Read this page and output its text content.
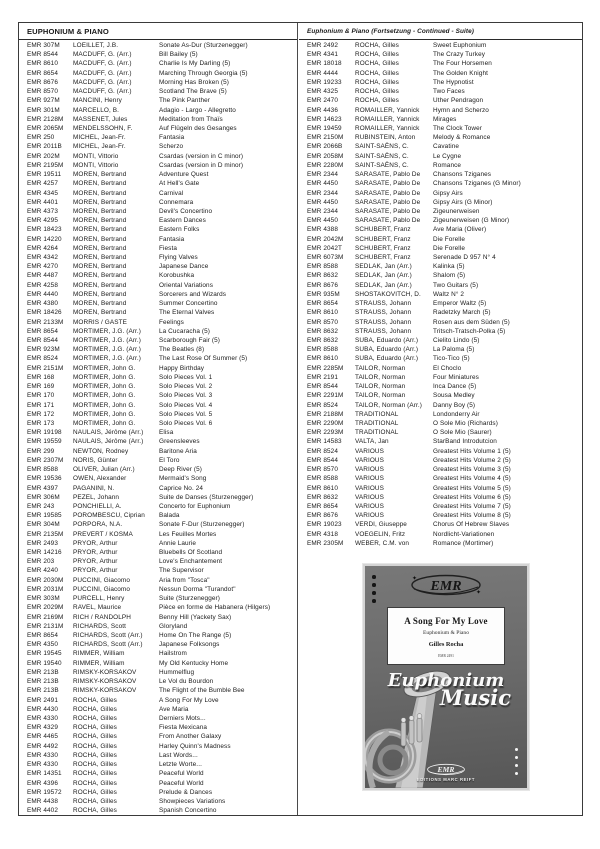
EUPHONIUM & PIANO
EMR 307M	LOEILLET, J.B.	Sonate As-Dur (Sturzenegger)
EMR 8544	MACDUFF, G. (Arr.)	Bill Bailey (5)
EMR 8610	MACDUFF, G. (Arr.)	Charlie Is My Darling (5)
EMR 8654	MACDUFF, G. (Arr.)	Marching Through Georgia (5)
EMR 8676	MACDUFF, G. (Arr.)	Morning Has Broken (5)
EMR 8570	MACDUFF, G. (Arr.)	Scotland The Brave (5)
EMR 927M	MANCINI, Henry	The Pink Panther
EMR 301M	MARCELLO, B.	Adagio - Largo - Allegretto
EMR 2128M	MASSENET, Jules	Meditation from Thaïs
EMR 2065M	MENDELSSOHN, F.	Auf Flügeln des Gesanges
EMR 250	MICHEL, Jean-Fr.	Fantasia
EMR 2011B	MICHEL, Jean-Fr.	Scherzo
EMR 202M	MONTI, Vittorio	Csardas (version in C minor)
EMR 2195M	MONTI, Vittorio	Csardas (version in D minor)
EMR 19511	MOREN, Bertrand	Adventure Quest
EMR 4257	MOREN, Bertrand	At Hell's Gate
EMR 4345	MOREN, Bertrand	Carnival
EMR 4401	MOREN, Bertrand	Connemara
EMR 4373	MOREN, Bertrand	Devil's Concertino
EMR 4295	MOREN, Bertrand	Eastern Dances
EMR 18423	MOREN, Bertrand	Eastern Folks
EMR 14220	MOREN, Bertrand	Fantasia
EMR 4264	MOREN, Bertrand	Fiesta
EMR 4342	MOREN, Bertrand	Flying Valves
EMR 4270	MOREN, Bertrand	Japanese Dance
EMR 4487	MOREN, Bertrand	Korobushka
EMR 4258	MOREN, Bertrand	Oriental Variations
EMR 4440	MOREN, Bertrand	Sorcerers and Wizards
EMR 4380	MOREN, Bertrand	Summer Concertino
EMR 18426	MOREN, Bertrand	The Eternal Valves
EMR 2133M	MORRIS / GASTE	Feelings
EMR 8654	MORTIMER, J.G. (Arr.)	La Cucaracha (5)
EMR 8544	MORTIMER, J.G. (Arr.)	Scarborough Fair (5)
EMR 923M	MORTIMER, J.G. (Arr.)	The Beatles (8)
EMR 8524	MORTIMER, J.G. (Arr.)	The Last Rose Of Summer (5)
EMR 2151M	MORTIMER, John G.	Happy Birthday
EMR 168	MORTIMER, John G.	Solo Pieces Vol. 1
EMR 169	MORTIMER, John G.	Solo Pieces Vol. 2
EMR 170	MORTIMER, John G.	Solo Pieces Vol. 3
EMR 171	MORTIMER, John G.	Solo Pieces Vol. 4
EMR 172	MORTIMER, John G.	Solo Pieces Vol. 5
EMR 173	MORTIMER, John G.	Solo Pieces Vol. 6
EMR 19198	NAULAIS, Jérôme (Arr.)	Elisa
EMR 19559	NAULAIS, Jérôme (Arr.)	Greensleeves
EMR 299	NEWTON, Rodney	Baritone Aria
EMR 2307M	NORIS, Günter	El Toro
EMR 8588	OLIVER, Julian (Arr.)	Deep River (5)
EMR 19536	OWEN, Alexander	Mermaid's Song
EMR 4397	PAGANINI, N.	Caprice No. 24
EMR 306M	PEZEL, Johann	Suite de Danses (Sturzenegger)
EMR 243	PONCHIELLI, A.	Concerto for Euphonium
EMR 19585	POROMBESCU, Ciprian	Balada
EMR 304M	PORPORA, N.A.	Sonate F-Dur (Sturzenegger)
EMR 2135M	PREVERT / KOSMA	Les Feuilles Mortes
EMR 2493	PRYOR, Arthur	Annie Laurie
EMR 14216	PRYOR, Arthur	Bluebells Of Scotland
EMR 203	PRYOR, Arthur	Love's Enchantement
EMR 4240	PRYOR, Arthur	The Supervisor
EMR 2030M	PUCCINI, Giacomo	Aria from "Tosca"
EMR 2031M	PUCCINI, Giacomo	Nessun Dorma "Turandot"
EMR 303M	PURCELL, Henry	Suite (Sturzenegger)
EMR 2029M	RAVEL, Maurice	Pièce en forme de Habanera (Hilgers)
EMR 2169M	RICH / RANDOLPH	Benny Hill (Yackety Sax)
EMR 2131M	RICHARDS, Scott	Gloryland
EMR 8654	RICHARDS, Scott (Arr.)	Home On The Range (5)
EMR 4350	RICHARDS, Scott (Arr.)	Japanese Folksongs
EMR 19545	RIMMER, William	Hailstrom
EMR 19540	RIMMER, William	My Old Kentucky Home
EMR 213B	RIMSKY-KORSAKOV	Hummelflug
EMR 213B	RIMSKY-KORSAKOV	Le Vol du Bourdon
EMR 213B	RIMSKY-KORSAKOV	The Flight of the Bumble Bee
EMR 2491	ROCHA, Gilles	A Song For My Love
EMR 4430	ROCHA, Gilles	Ave Maria
EMR 4330	ROCHA, Gilles	Derniers Mots...
EMR 4329	ROCHA, Gilles	Fiesta Mexicana
EMR 4465	ROCHA, Gilles	From Another Galaxy
EMR 4492	ROCHA, Gilles	Harley Quinn's Madness
EMR 4330	ROCHA, Gilles	Last Words...
EMR 4330	ROCHA, Gilles	Letzte Worte...
EMR 14351	ROCHA, Gilles	Peaceful World
EMR 4396	ROCHA, Gilles	Peaceful World
EMR 19572	ROCHA, Gilles	Prelude & Dances
EMR 4438	ROCHA, Gilles	Showpieces Variations
EMR 4402	ROCHA, Gilles	Spanish Concertino
Euphonium & Piano (Fortsetzung - Continued - Suite)
EMR 2492	ROCHA, Gilles	Sweet Euphonium
EMR 4341	ROCHA, Gilles	The Crazy Turkey
EMR 18018	ROCHA, Gilles	The Four Horsemen
EMR 4444	ROCHA, Gilles	The Golden Knight
EMR 19233	ROCHA, Gilles	The Hypnotist
EMR 4325	ROCHA, Gilles	Two Faces
EMR 2470	ROCHA, Gilles	Uther Pendragon
EMR 4436	ROMAILLER, Yannick	Hymn and Scherzo
EMR 14623	ROMAILLER, Yannick	Mirages
EMR 19459	ROMAILLER, Yannick	The Clock Tower
EMR 2150M	RUBINSTEIN, Anton	Melody & Romance
EMR 2066B	SAINT-SAËNS, C.	Cavatine
EMR 2058M	SAINT-SAËNS, C.	Le Cygne
EMR 2280M	SAINT-SAËNS, C.	Romance
EMR 2344	SARASATE, Pablo De	Chansons Tziganes
EMR 4450	SARASATE, Pablo De	Chansons Tziganes (G Minor)
EMR 2344	SARASATE, Pablo De	Gipsy Airs
EMR 4450	SARASATE, Pablo De	Gipsy Airs (G Minor)
EMR 2344	SARASATE, Pablo De	Zigeunerweisen
EMR 4450	SARASATE, Pablo De	Zigeunerweisen (G Minor)
EMR 4388	SCHUBERT, Franz	Ave Maria (Oliver)
EMR 2042M	SCHUBERT, Franz	Die Forelle
EMR 2042T	SCHUBERT, Franz	Die Forelle
EMR 6073M	SCHUBERT, Franz	Serenade D 957 N° 4
EMR 8588	SEDLAK, Jan (Arr.)	Kalinka (5)
EMR 8632	SEDLAK, Jan (Arr.)	Shalom (5)
EMR 8676	SEDLAK, Jan (Arr.)	Two Guitars (5)
EMR 935M	SHOSTAKOVITCH, D.	Waltz N° 2
EMR 8654	STRAUSS, Johann	Emperor Waltz (5)
EMR 8610	STRAUSS, Johann	Radetzky March (5)
EMR 8570	STRAUSS, Johann	Rosen aus dem Süden (5)
EMR 8632	STRAUSS, Johann	Tritsch-Tratsch-Polka (5)
EMR 8632	SUBA, Eduardo (Arr.)	Cielito Lindo (5)
EMR 8588	SUBA, Eduardo (Arr.)	La Paloma (5)
EMR 8610	SUBA, Eduardo (Arr.)	Tico-Tico (5)
EMR 2285M	TAILOR, Norman	El Choclo
EMR 2191	TAILOR, Norman	Four Miniatures
EMR 8544	TAILOR, Norman	Inca Dance (5)
EMR 2291M	TAILOR, Norman	Sousa Medley
EMR 8524	TAILOR, Norman (Arr.)	Danny Boy (5)
EMR 2188M	TRADITIONAL	Londonderry Air
EMR 2290M	TRADITIONAL	O Sole Mio (Richards)
EMR 2293M	TRADITIONAL	O Sole Mio (Saurer)
EMR 14583	VALTA, Jan	StarBand Introdutcion
EMR 8524	VARIOUS	Greatest Hits Volume 1 (5)
EMR 8544	VARIOUS	Greatest Hits Volume 2 (5)
EMR 8570	VARIOUS	Greatest Hits Volume 3 (5)
EMR 8588	VARIOUS	Greatest Hits Volume 4 (5)
EMR 8610	VARIOUS	Greatest Hits Volume 5 (5)
EMR 8632	VARIOUS	Greatest Hits Volume 6 (5)
EMR 8654	VARIOUS	Greatest Hits Volume 7 (5)
EMR 8676	VARIOUS	Greatest Hits Volume 8 (5)
EMR 19023	VERDI, Giuseppe	Chorus Of Hebrew Slaves
EMR 4318	VOEGELIN, Fritz	Nordlicht-Variationen
EMR 2305M	WEBER, C.M. von	Romance (Mortimer)
EMR
✦
✦
A Song For My Love
Euphonium & Piano
Gilles Rocha
EMR 2491
Euphonium
Music
EMR
EDITIONS MARC REIFT
